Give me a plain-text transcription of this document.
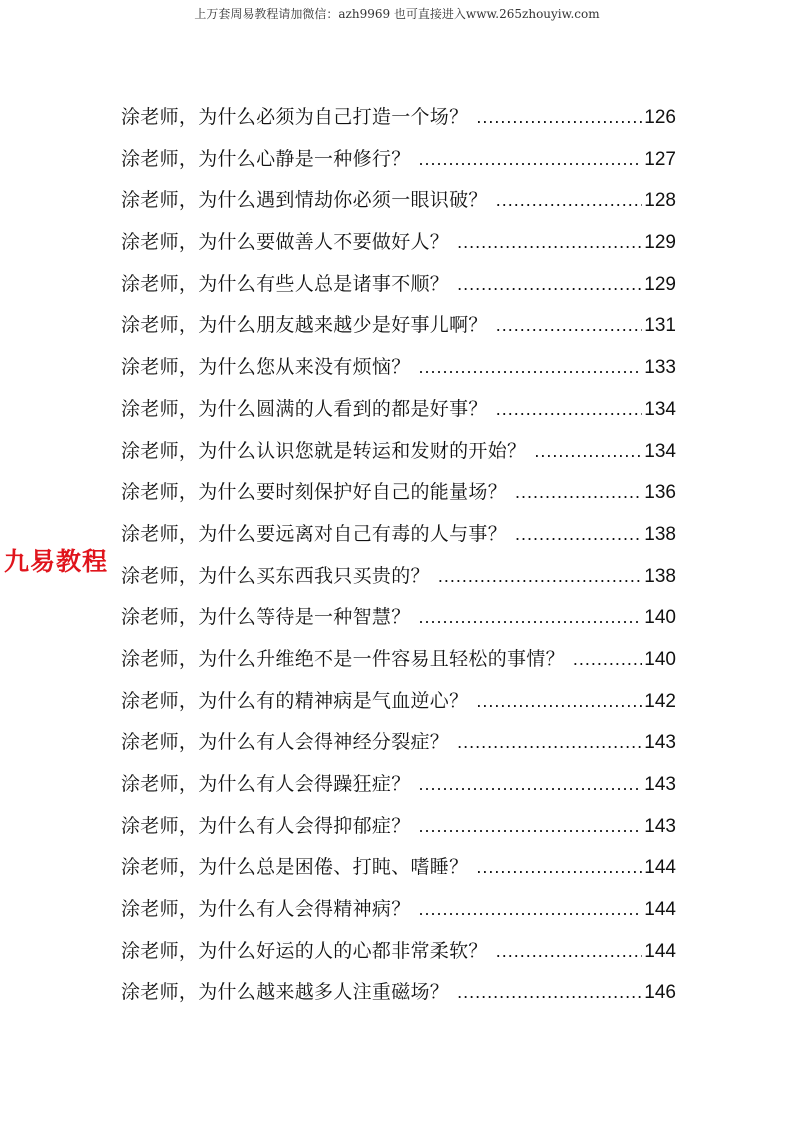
上万套周易教程请加微信：azh9969 也可直接进入www.265zhouyiw.com
涂老师，为什么必须为自己打造一个场？ .....	126
涂老师，为什么心静是一种修行？ .....	127
涂老师，为什么遇到情劫你必须一眼识破？ .....	128
涂老师，为什么要做善人不要做好人？ .....	129
涂老师，为什么有些人总是诸事不顺？ .....	129
涂老师，为什么朋友越来越少是好事儿啊？ .....	131
涂老师，为什么您从来没有烦恼？ .....	133
涂老师，为什么圆满的人看到的都是好事？ .....	134
涂老师，为什么认识您就是转运和发财的开始？ .....	134
涂老师，为什么要时刻保护好自己的能量场？ .....	136
涂老师，为什么要远离对自己有毒的人与事？ .....	138
涂老师，为什么买东西我只买贵的？ .....	138
涂老师，为什么等待是一种智慧？ .....	140
涂老师，为什么升维绝不是一件容易且轻松的事情？ .....	140
涂老师，为什么有的精神病是气血逆心？ .....	142
涂老师，为什么有人会得神经分裂症？ .....	143
涂老师，为什么有人会得躁狂症？ .....	143
涂老师，为什么有人会得抑郁症？ .....	143
涂老师，为什么总是困倦、打盹、嗜睡？ .....	144
涂老师，为什么有人会得精神病？ .....	144
涂老师，为什么好运的人的心都非常柔软？ .....	144
涂老师，为什么越来越多人注重磁场？ .....	146
九易教程
